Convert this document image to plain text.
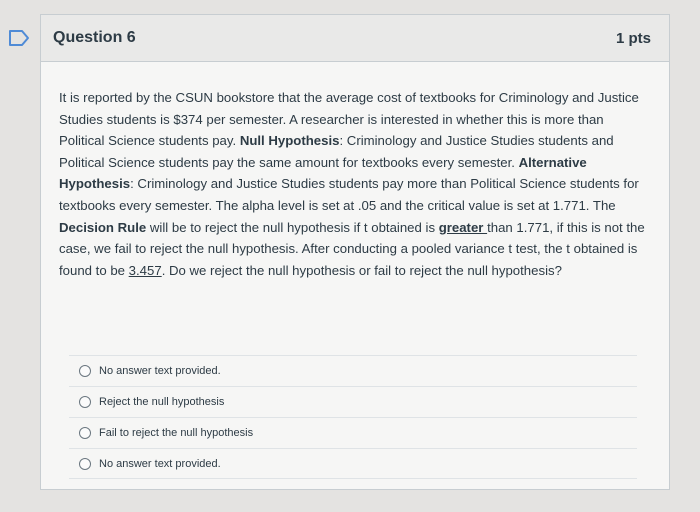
Question 6	1 pts
It is reported by the CSUN bookstore that the average cost of textbooks for Criminology and Justice Studies students is $374 per semester. A researcher is interested in whether this is more than Political Science students pay. Null Hypothesis: Criminology and Justice Studies students and Political Science students pay the same amount for textbooks every semester. Alternative Hypothesis: Criminology and Justice Studies students pay more than Political Science students for textbooks every semester. The alpha level is set at .05 and the critical value is set at 1.771. The Decision Rule will be to reject the null hypothesis if t obtained is greater than 1.771, if this is not the case, we fail to reject the null hypothesis. After conducting a pooled variance t test, the t obtained is found to be 3.457. Do we reject the null hypothesis or fail to reject the null hypothesis?
No answer text provided.
Reject the null hypothesis
Fail to reject the null hypothesis
No answer text provided.
